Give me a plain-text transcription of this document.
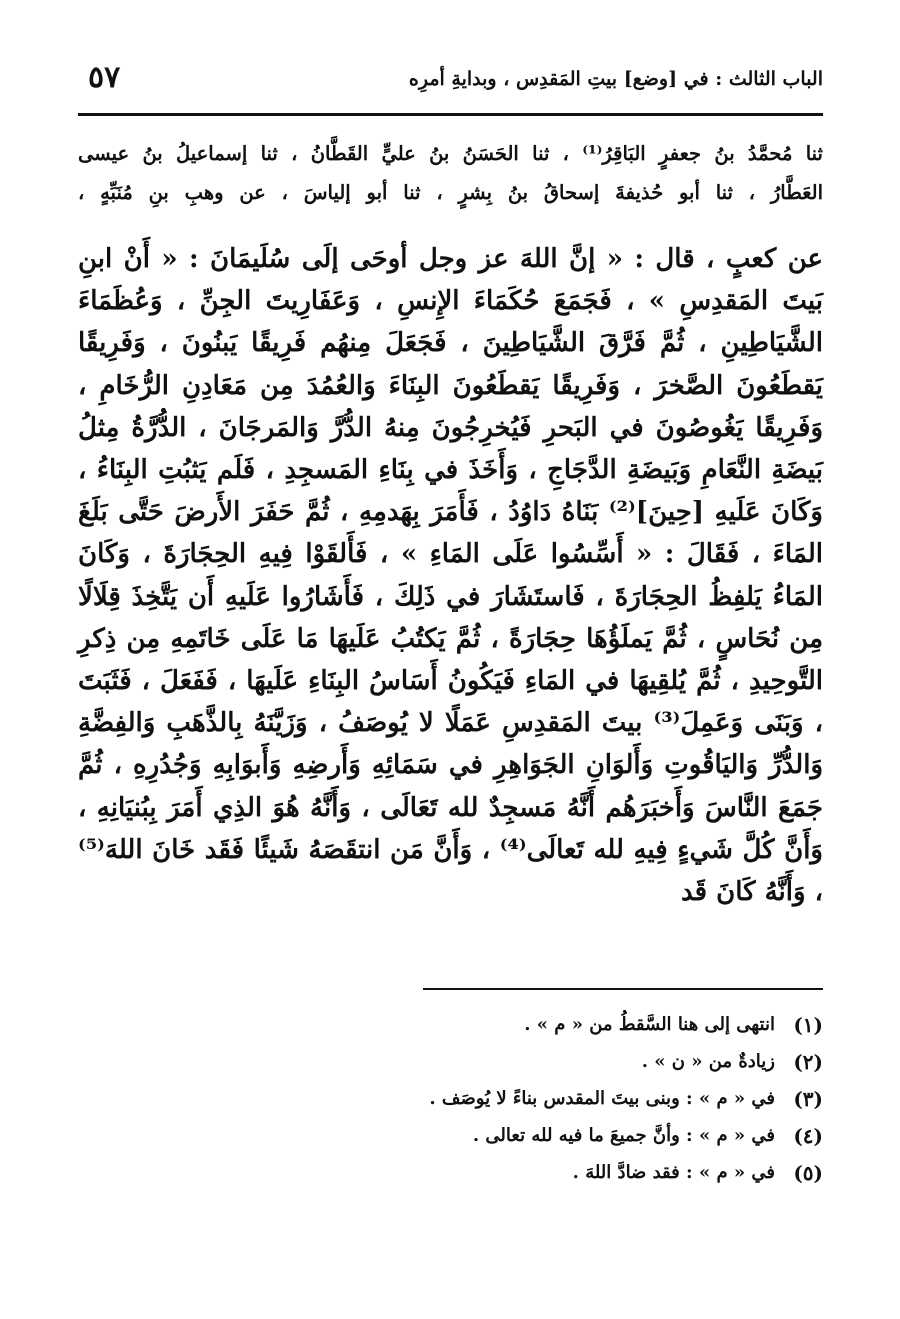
الباب الثالث : في [وضع] بيتِ المَقدِس ، وبدايةِ أمرِه
٥٧

ثنا مُحمَّدُ بنُ جعفرٍ البَاقِرُ⁽¹⁾ ، ثنا الحَسَنُ بنُ عليٍّ القَطَّانُ ، ثنا إسماعيلُ بنُ عيسى

العَطَّارُ ، ثنا أبو حُذيفةَ إسحاقُ بنُ بِشرٍ ، ثنا أبو إلياسَ ، عن وهبِ بنِ مُنَبِّهٍ ،

عن كعبٍ ، قال : « إنَّ اللهَ عز وجل أوحَى إلَى سُلَيمَانَ : « أَنْ ابنِ بَيتَ المَقدِسِ » ، فَجَمَعَ حُكَمَاءَ الإِنسِ ، وَعَفَارِيتَ الجِنِّ ، وَعُظَمَاءَ الشَّيَاطِينِ ، ثُمَّ فَرَّقَ الشَّيَاطِينَ ، فَجَعَلَ مِنهُم فَرِيقًا يَبنُونَ ، وَفَرِيقًا يَقطَعُونَ الصَّخرَ ، وَفَرِيقًا يَقطَعُونَ البِنَاءَ وَالعُمُدَ مِن مَعَادِنِ الرُّخَامِ ، وَفَرِيقًا يَغُوصُونَ في البَحرِ فَيُخرِجُونَ مِنهُ الدُّرَّ وَالمَرجَانَ ، الدُّرَّةُ مِثلُ بَيضَةِ النَّعَامِ وَبَيضَةِ الدَّجَاجِ ، وَأَخَذَ في بِنَاءِ المَسجِدِ ، فَلَم يَثبُتِ البِنَاءُ ، وَكَانَ عَلَيهِ [حِينَ]⁽²⁾ بَنَاهُ دَاوُدُ ، فَأَمَرَ بِهَدمِهِ ، ثُمَّ حَفَرَ الأَرضَ حَتَّى بَلَغَ المَاءَ ، فَقَالَ : « أَسِّسُوا عَلَى المَاءِ » ، فَأَلقَوْا فِيهِ الحِجَارَةَ ، وَكَانَ المَاءُ يَلفِظُ الحِجَارَةَ ، فَاستَشَارَ في ذَلِكَ ، فَأَشَارُوا عَلَيهِ أَن يَتَّخِذَ قِلَالًا مِن نُحَاسٍ ، ثُمَّ يَملَؤُهَا حِجَارَةً ، ثُمَّ يَكتُبُ عَلَيهَا مَا عَلَى خَاتَمِهِ مِن ذِكرِ التَّوحِيدِ ، ثُمَّ يُلقِيهَا في المَاءِ فَيَكُونُ أَسَاسُ البِنَاءِ عَلَيهَا ، فَفَعَلَ ، فَثَبَتَ ، وَبَنَى وَعَمِلَ⁽³⁾ بيتَ المَقدِسِ عَمَلًا لا يُوصَفُ ، وَزَيَّنَهُ بِالذَّهَبِ وَالفِضَّةِ وَالدُّرِّ وَاليَاقُوتِ وَأَلوَانِ الجَوَاهِرِ في سَمَائِهِ وَأَرضِهِ وَأَبوَابِهِ وَجُدُرِهِ ، ثُمَّ جَمَعَ النَّاسَ وَأَخبَرَهُم أَنَّهُ مَسجِدٌ لله تَعَالَى ، وَأَنَّهُ هُوَ الذِي أَمَرَ بِبُنيَانِهِ ، وَأَنَّ كُلَّ شَيءٍ فِيهِ لله تَعالَى⁽⁴⁾ ، وَأَنَّ مَن انتقَصَهُ شَيئًا فَقَد خَانَ اللهَ⁽⁵⁾ ، وَأَنَّهُ كَانَ قَد

(١)
انتهى إلى هنا السَّقطُ من « م » .
(٢)
زيادةٌ من « ن » .
(٣)
في « م » : وبنى بيتَ المقدس بناءً لا يُوصَف .
(٤)
في « م » : وأنَّ جميعَ ما فيه لله تعالى .
(٥)
في « م » : فقد ضادَّ اللهَ .
